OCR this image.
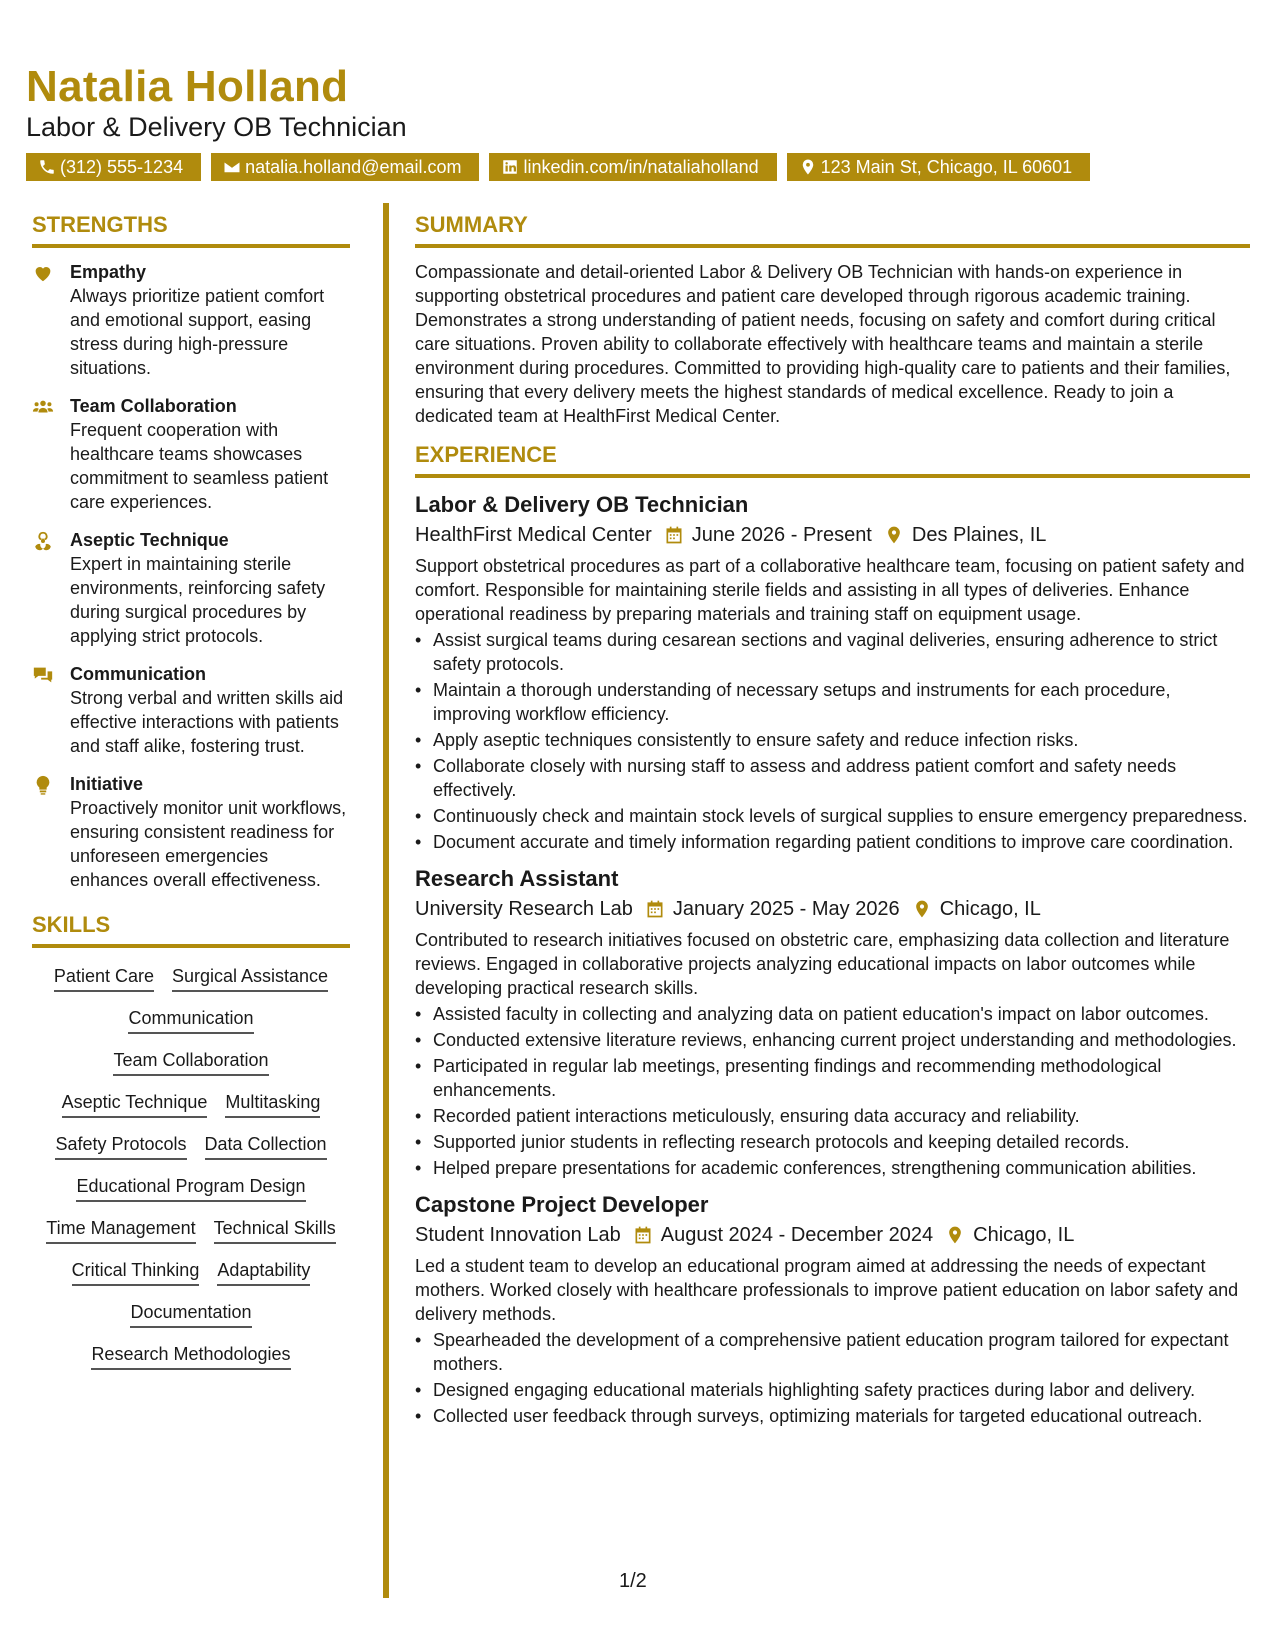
Natalia Holland
Labor & Delivery OB Technician
(312) 555-1234	natalia.holland@email.com	linkedin.com/in/nataliaholland	123 Main St, Chicago, IL 60601
STRENGTHS
Empathy
Always prioritize patient comfort and emotional support, easing stress during high-pressure situations.
Team Collaboration
Frequent cooperation with healthcare teams showcases commitment to seamless patient care experiences.
Aseptic Technique
Expert in maintaining sterile environments, reinforcing safety during surgical procedures by applying strict protocols.
Communication
Strong verbal and written skills aid effective interactions with patients and staff alike, fostering trust.
Initiative
Proactively monitor unit workflows, ensuring consistent readiness for unforeseen emergencies enhances overall effectiveness.
SKILLS
Patient Care Surgical Assistance
Communication
Team Collaboration
Aseptic Technique Multitasking
Safety Protocols Data Collection
Educational Program Design
Time Management Technical Skills
Critical Thinking Adaptability
Documentation
Research Methodologies
SUMMARY
Compassionate and detail-oriented Labor & Delivery OB Technician with hands-on experience in supporting obstetrical procedures and patient care developed through rigorous academic training. Demonstrates a strong understanding of patient needs, focusing on safety and comfort during critical care situations. Proven ability to collaborate effectively with healthcare teams and maintain a sterile environment during procedures. Committed to providing high-quality care to patients and their families, ensuring that every delivery meets the highest standards of medical excellence. Ready to join a dedicated team at HealthFirst Medical Center.
EXPERIENCE
Labor & Delivery OB Technician
HealthFirst Medical Center June 2026 - Present Des Plaines, IL
Support obstetrical procedures as part of a collaborative healthcare team, focusing on patient safety and comfort. Responsible for maintaining sterile fields and assisting in all types of deliveries. Enhance operational readiness by preparing materials and training staff on equipment usage.
• Assist surgical teams during cesarean sections and vaginal deliveries, ensuring adherence to strict safety protocols.
• Maintain a thorough understanding of necessary setups and instruments for each procedure, improving workflow efficiency.
• Apply aseptic techniques consistently to ensure safety and reduce infection risks.
• Collaborate closely with nursing staff to assess and address patient comfort and safety needs effectively.
• Continuously check and maintain stock levels of surgical supplies to ensure emergency preparedness.
• Document accurate and timely information regarding patient conditions to improve care coordination.
Research Assistant
University Research Lab January 2025 - May 2026 Chicago, IL
Contributed to research initiatives focused on obstetric care, emphasizing data collection and literature reviews. Engaged in collaborative projects analyzing educational impacts on labor outcomes while developing practical research skills.
• Assisted faculty in collecting and analyzing data on patient education's impact on labor outcomes.
• Conducted extensive literature reviews, enhancing current project understanding and methodologies.
• Participated in regular lab meetings, presenting findings and recommending methodological enhancements.
• Recorded patient interactions meticulously, ensuring data accuracy and reliability.
• Supported junior students in reflecting research protocols and keeping detailed records.
• Helped prepare presentations for academic conferences, strengthening communication abilities.
Capstone Project Developer
Student Innovation Lab August 2024 - December 2024 Chicago, IL
Led a student team to develop an educational program aimed at addressing the needs of expectant mothers. Worked closely with healthcare professionals to improve patient education on labor safety and delivery methods.
• Spearheaded the development of a comprehensive patient education program tailored for expectant mothers.
• Designed engaging educational materials highlighting safety practices during labor and delivery.
• Collected user feedback through surveys, optimizing materials for targeted educational outreach.
1/2
